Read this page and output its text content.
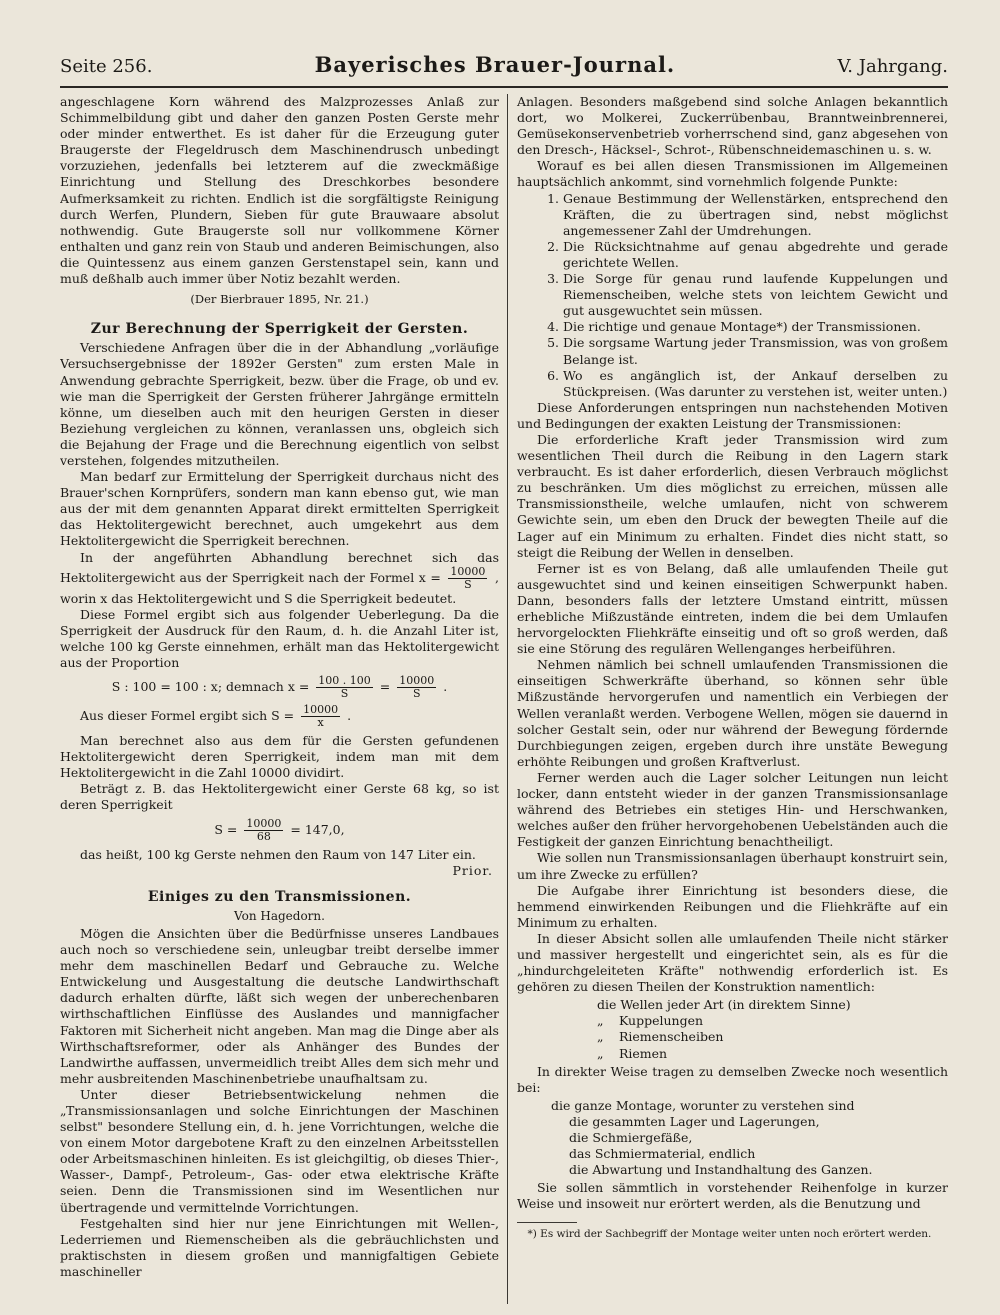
Seite 256.	Bayerisches Brauer-Journal.	V. Jahrgang.

angeschlagene Korn während des Malzprozesses Anlaß zur Schimmelbildung gibt und daher den ganzen Posten Gerste mehr oder minder entwerthet. Es ist daher für die Erzeugung guter Braugerste der Flegeldrusch dem Maschinendrusch unbedingt vorzuziehen, jedenfalls bei letzterem auf die zweckmäßige Einrichtung und Stellung des Dreschkorbes besondere Aufmerksamkeit zu richten. Endlich ist die sorgfältigste Reinigung durch Werfen, Plundern, Sieben für gute Brauwaare absolut nothwendig. Gute Braugerste soll nur vollkommene Körner enthalten und ganz rein von Staub und anderen Beimischungen, also die Quintessenz aus einem ganzen Gerstenstapel sein, kann und muß deßhalb auch immer über Notiz bezahlt werden.

(Der Bierbrauer 1895, Nr. 21.)

Zur Berechnung der Sperrigkeit der Gersten.

Verschiedene Anfragen über die in der Abhandlung „vorläufige Versuchsergebnisse der 1892er Gersten" zum ersten Male in Anwendung gebrachte Sperrigkeit, bezw. über die Frage, ob und ev. wie man die Sperrigkeit der Gersten früherer Jahrgänge ermitteln könne, um dieselben auch mit den heurigen Gersten in dieser Beziehung vergleichen zu können, veranlassen uns, obgleich sich die Bejahung der Frage und die Berechnung eigentlich von selbst verstehen, folgendes mitzutheilen.

Man bedarf zur Ermittelung der Sperrigkeit durchaus nicht des Brauer'schen Kornprüfers, sondern man kann ebenso gut, wie man aus der mit dem genannten Apparat direkt ermittelten Sperrigkeit das Hektolitergewicht berechnet, auch umgekehrt aus dem Hektolitergewicht die Sperrigkeit berechnen.

In der angeführten Abhandlung berechnet sich das Hektolitergewicht aus der Sperrigkeit nach der Formel $x = \frac{10000}{S}$ , worin x das Hektolitergewicht und S die Sperrigkeit bedeutet.

Diese Formel ergibt sich aus folgender Ueberlegung. Da die Sperrigkeit der Ausdruck für den Raum, d. h. die Anzahl Liter ist, welche 100 kg Gerste einnehmen, erhält man das Hektolitergewicht aus der Proportion

S : 100 = 100 : x; demnach $x = \frac{100 . 100}{S} = \frac{10000}{S}$ .

Aus dieser Formel ergibt sich $S = \frac{10000}{x}$ .

Man berechnet also aus dem für die Gersten gefundenen Hektolitergewicht deren Sperrigkeit, indem man mit dem Hektolitergewicht in die Zahl 10000 dividirt.

Beträgt z. B. das Hektolitergewicht einer Gerste 68 kg, so ist deren Sperrigkeit

$S = \frac{10000}{68} = 147,0$,

das heißt, 100 kg Gerste nehmen den Raum von 147 Liter ein.

Prior.

Einiges zu den Transmissionen.

Von Hagedorn.

Mögen die Ansichten über die Bedürfnisse unseres Landbaues auch noch so verschiedene sein, unleugbar treibt derselbe immer mehr dem maschinellen Bedarf und Gebrauche zu. Welche Entwickelung und Ausgestaltung die deutsche Landwirthschaft dadurch erhalten dürfte, läßt sich wegen der unberechenbaren wirthschaftlichen Einflüsse des Auslandes und mannigfacher Faktoren mit Sicherheit nicht angeben. Man mag die Dinge aber als Wirthschaftsreformer, oder als Anhänger des Bundes der Landwirthe auffassen, unvermeidlich treibt Alles dem sich mehr und mehr ausbreitenden Maschinenbetriebe unaufhaltsam zu.

Unter dieser Betriebsentwickelung nehmen die „Transmissionsanlagen und solche Einrichtungen der Maschinen selbst" besondere Stellung ein, d. h. jene Vorrichtungen, welche die von einem Motor dargebotene Kraft zu den einzelnen Arbeitsstellen oder Arbeitsmaschinen hinleiten. Es ist gleichgiltig, ob dieses Thier-, Wasser-, Dampf-, Petroleum-, Gas- oder etwa elektrische Kräfte seien. Denn die Transmissionen sind im Wesentlichen nur übertragende und vermittelnde Vorrichtungen.

Festgehalten sind hier nur jene Einrichtungen mit Wellen-, Lederriemen und Riemenscheiben als die gebräuchlichsten und praktischsten in diesem großen und mannigfaltigen Gebiete maschineller

Anlagen. Besonders maßgebend sind solche Anlagen bekanntlich dort, wo Molkerei, Zuckerrübenbau, Branntweinbrennerei, Gemüsekonservenbetrieb vorherrschend sind, ganz abgesehen von den Dresch-, Häcksel-, Schrot-, Rübenschneidemaschinen u. s. w.

Worauf es bei allen diesen Transmissionen im Allgemeinen hauptsächlich ankommt, sind vornehmlich folgende Punkte:

1. Genaue Bestimmung der Wellenstärken, entsprechend den Kräften, die zu übertragen sind, nebst möglichst angemessener Zahl der Umdrehungen.
2. Die Rücksichtnahme auf genau abgedrehte und gerade gerichtete Wellen.
3. Die Sorge für genau rund laufende Kuppelungen und Riemenscheiben, welche stets von leichtem Gewicht und gut ausgewuchtet sein müssen.
4. Die richtige und genaue Montage*) der Transmissionen.
5. Die sorgsame Wartung jeder Transmission, was von großem Belange ist.
6. Wo es angänglich ist, der Ankauf derselben zu Stückpreisen. (Was darunter zu verstehen ist, weiter unten.)

Diese Anforderungen entspringen nun nachstehenden Motiven und Bedingungen der exakten Leistung der Transmissionen:

Die erforderliche Kraft jeder Transmission wird zum wesentlichen Theil durch die Reibung in den Lagern stark verbraucht. Es ist daher erforderlich, diesen Verbrauch möglichst zu beschränken. Um dies möglichst zu erreichen, müssen alle Transmissionstheile, welche umlaufen, nicht von schwerem Gewichte sein, um eben den Druck der bewegten Theile auf die Lager auf ein Minimum zu erhalten. Findet dies nicht statt, so steigt die Reibung der Wellen in denselben.

Ferner ist es von Belang, daß alle umlaufenden Theile gut ausgewuchtet sind und keinen einseitigen Schwerpunkt haben. Dann, besonders falls der letztere Umstand eintritt, müssen erhebliche Mißzustände eintreten, indem die bei dem Umlaufen hervorgelockten Fliehkräfte einseitig und oft so groß werden, daß sie eine Störung des regulären Wellenganges herbeiführen.

Nehmen nämlich bei schnell umlaufenden Transmissionen die einseitigen Schwerkräfte überhand, so können sehr üble Mißzustände hervorgerufen und namentlich ein Verbiegen der Wellen veranlaßt werden. Verbogene Wellen, mögen sie dauernd in solcher Gestalt sein, oder nur während der Bewegung fördernde Durchbiegungen zeigen, ergeben durch ihre unstäte Bewegung erhöhte Reibungen und großen Kraftverlust.

Ferner werden auch die Lager solcher Leitungen nun leicht locker, dann entsteht wieder in der ganzen Transmissionsanlage während des Betriebes ein stetiges Hin- und Herschwanken, welches außer den früher hervorgehobenen Uebelständen auch die Festigkeit der ganzen Einrichtung benachtheiligt.

Wie sollen nun Transmissionsanlagen überhaupt konstruirt sein, um ihre Zwecke zu erfüllen?

Die Aufgabe ihrer Einrichtung ist besonders diese, die hemmend einwirkenden Reibungen und die Fliehkräfte auf ein Minimum zu erhalten.

In dieser Absicht sollen alle umlaufenden Theile nicht stärker und massiver hergestellt und eingerichtet sein, als es für die „hindurchgeleiteten Kräfte" nothwendig erforderlich ist. Es gehören zu diesen Theilen der Konstruktion namentlich:

die Wellen jeder Art (in direktem Sinne)
„	Kuppelungen
„	Riemenscheiben
„	Riemen

In direkter Weise tragen zu demselben Zwecke noch wesentlich bei:

die ganze Montage, worunter zu verstehen sind
die gesammten Lager und Lagerungen,
die Schmiergefäße,
das Schmiermaterial, endlich
die Abwartung und Instandhaltung des Ganzen.

Sie sollen sämmtlich in vorstehender Reihenfolge in kurzer Weise und insoweit nur erörtert werden, als die Benutzung und

*) Es wird der Sachbegriff der Montage weiter unten noch erörtert werden.
